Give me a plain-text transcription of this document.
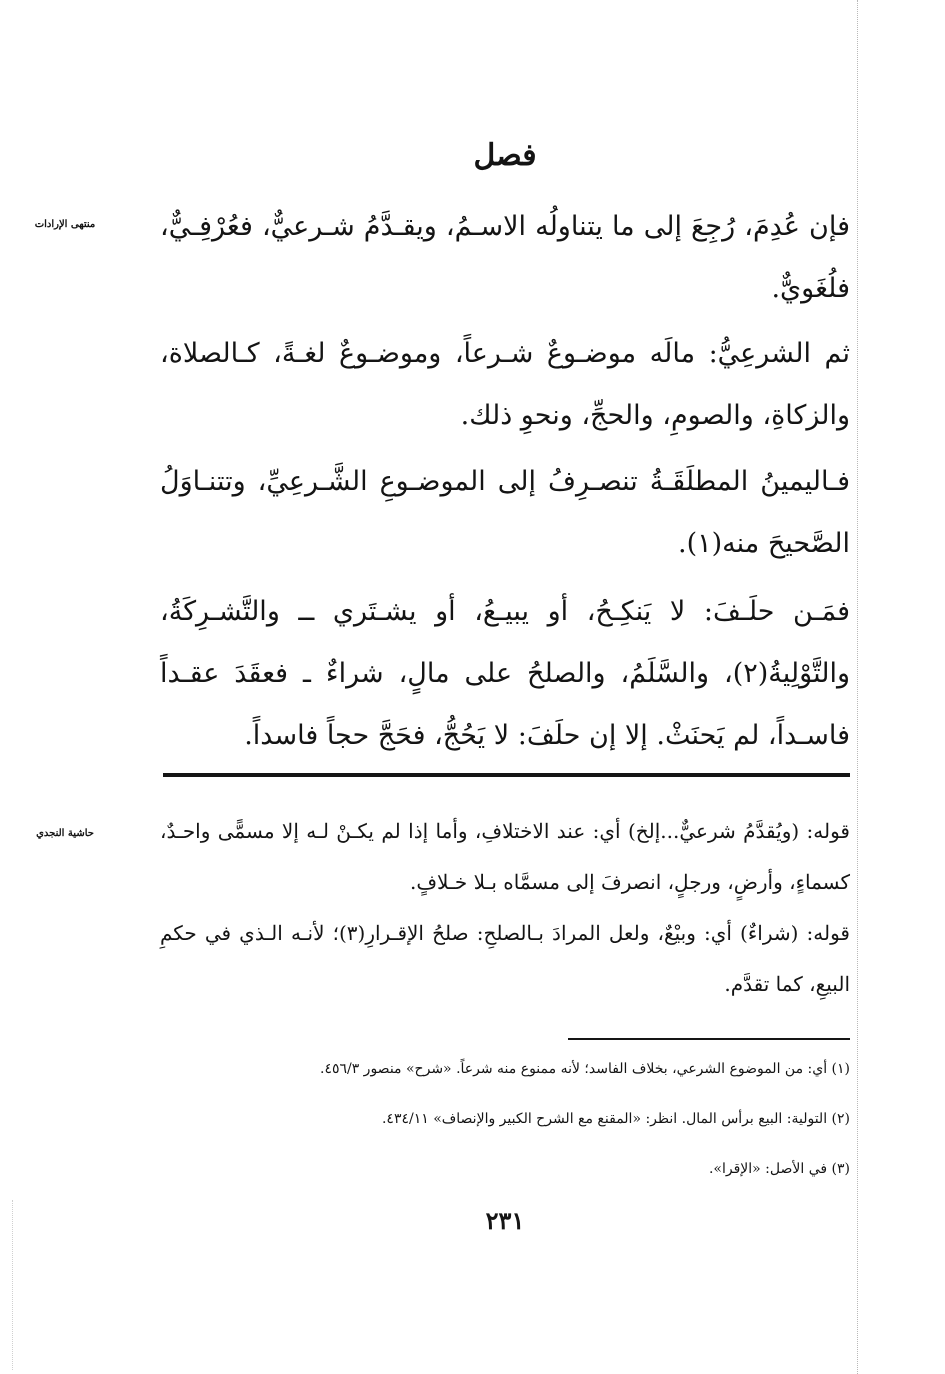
فصل
منتهى الإرادات	فإن عُدِمَ، رُجِعَ إلى ما يتناولُه الاسـمُ، ويقـدَّمُ شـرعيٌّ، فعُرْفِـيٌّ، فلُغَويٌّ.
ثم الشرعِيُّ: مالَه موضـوعٌ شـرعاً، وموضـوعٌ لغـةً، كـالصلاة، والزكاةِ، والصومِ، والحجِّ، ونحوِ ذلك.
فـاليمينُ المطلَقَـةُ تنصـرِفُ إلى الموضـوعِ الشَّـرعِيِّ، وتتنـاوَلُ الصَّحيحَ منه(١).
فمَـن حلَـفَ: لا يَنكِـحُ، أو يبيـعُ، أو يشـتَري ــ والتَّشـرِكَةُ، والتَّوْلِيةُ(٢)، والسَّلَمُ، والصلحُ على مالٍ، شراءٌ ـ فعقَدَ عقـداً فاسـداً، لم يَحنَثْ. إلا إن حلَفَ: لا يَحُجُّ، فحَجَّ حجاً فاسداً.
حاشية النجدي	قوله: (ويُقدَّمُ شرعيٌّ...إلخ) أي: عند الاختلافِ، وأما إذا لم يكـنْ لـه إلا مسمًّى واحـدٌ، كسماءٍ، وأرضٍ، ورجلٍ، انصرفَ إلى مسمَّاه بـلا خـلافٍ.
قوله: (شراءٌ) أي: وبيْعٌ، ولعل المرادَ بـالصلحِ: صلحُ الإقـرارِ(٣)؛ لأنـه الـذي في حكمِ البيعِ، كما تقدَّم.
(١) أي: من الموضوع الشرعي، بخلاف الفاسد؛ لأنه ممنوع منه شرعاً. «شرح» منصور ٤٥٦/٣.
(٢) التولية: البيع برأس المال. انظر: «المقنع مع الشرح الكبير والإنصاف» ٤٣٤/١١.
(٣) في الأصل: «الإقرا».
٢٣١
